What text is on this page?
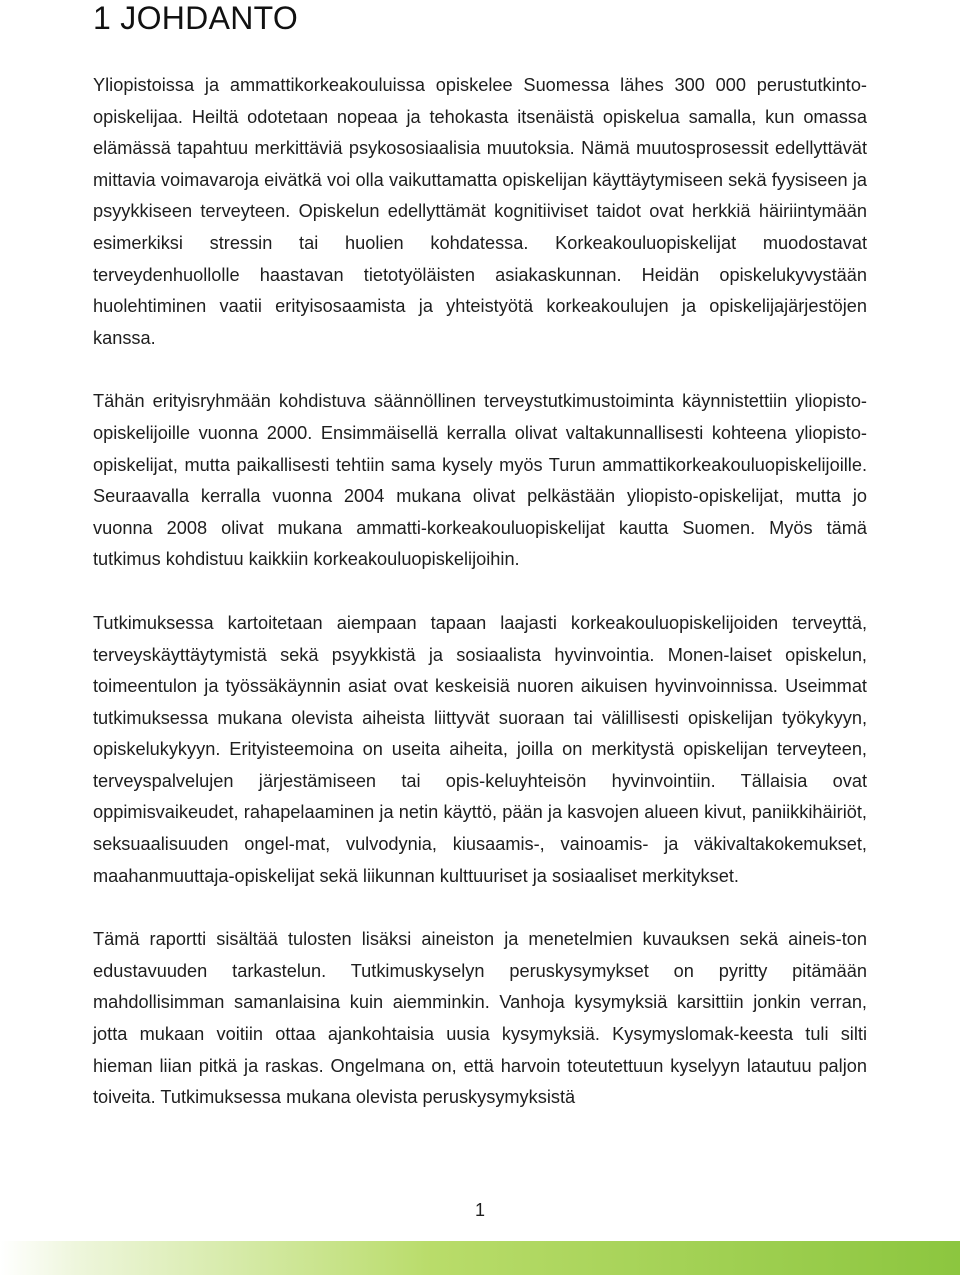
1 JOHDANTO

Yliopistoissa ja ammattikorkeakouluissa opiskelee Suomessa lähes 300 000 perustutkinto-opiskelijaa. Heiltä odotetaan nopeaa ja tehokasta itsenäistä opiskelua samalla, kun omassa elämässä tapahtuu merkittäviä psykososiaalisia muutoksia. Nämä muutosprosessit edellyttävät mittavia voimavaroja eivätkä voi olla vaikuttamatta opiskelijan käyttäytymiseen sekä fyysiseen ja psyykkiseen terveyteen. Opiskelun edellyttämät kognitiiviset taidot ovat herkkiä häiriintymään esimerkiksi stressin tai huolien kohdatessa. Korkeakouluopiskelijat muodostavat terveydenhuollolle haastavan tietotyöläisten asiakaskunnan. Heidän opiskelukyvystään huolehtiminen vaatii erityisosaamista ja yhteistyötä korkeakoulujen ja opiskelijajärjestöjen kanssa.

Tähän erityisryhmään kohdistuva säännöllinen terveystutkimustoiminta käynnistettiin yliopisto-opiskelijoille vuonna 2000. Ensimmäisellä kerralla olivat valtakunnallisesti kohteena yliopisto-opiskelijat, mutta paikallisesti tehtiin sama kysely myös Turun ammattikorkeakouluopiskelijoille. Seuraavalla kerralla vuonna 2004 mukana olivat pelkästään yliopisto-opiskelijat, mutta jo vuonna 2008 olivat mukana ammatti-korkeakouluopiskelijat kautta Suomen. Myös tämä tutkimus kohdistuu kaikkiin korkeakouluopiskelijoihin.

Tutkimuksessa kartoitetaan aiempaan tapaan laajasti korkeakouluopiskelijoiden terveyttä, terveyskäyttäytymistä sekä psyykkistä ja sosiaalista hyvinvointia. Monen-laiset opiskelun, toimeentulon ja työssäkäynnin asiat ovat keskeisiä nuoren aikuisen hyvinvoinnissa. Useimmat tutkimuksessa mukana olevista aiheista liittyvät suoraan tai välillisesti opiskelijan työkykyyn, opiskelukykyyn. Erityisteemoina on useita aiheita, joilla on merkitystä opiskelijan terveyteen, terveyspalvelujen järjestämiseen tai opis-keluyhteisön hyvinvointiin. Tällaisia ovat oppimisvaikeudet, rahapelaaminen ja netin käyttö, pään ja kasvojen alueen kivut, paniikkihäiriöt, seksuaalisuuden ongel-mat, vulvodynia, kiusaamis-, vainoamis- ja väkivaltakokemukset, maahanmuuttaja-opiskelijat sekä liikunnan kulttuuriset ja sosiaaliset merkitykset.

Tämä raportti sisältää tulosten lisäksi aineiston ja menetelmien kuvauksen sekä aineis-ton edustavuuden tarkastelun. Tutkimuskyselyn peruskysymykset on pyritty pitämään mahdollisimman samanlaisina kuin aiemminkin. Vanhoja kysymyksiä karsittiin jonkin verran, jotta mukaan voitiin ottaa ajankohtaisia uusia kysymyksiä. Kysymyslomak-keesta tuli silti hieman liian pitkä ja raskas. Ongelmana on, että harvoin toteutettuun kyselyyn latautuu paljon toiveita. Tutkimuksessa mukana olevista peruskysymyksistä

1
